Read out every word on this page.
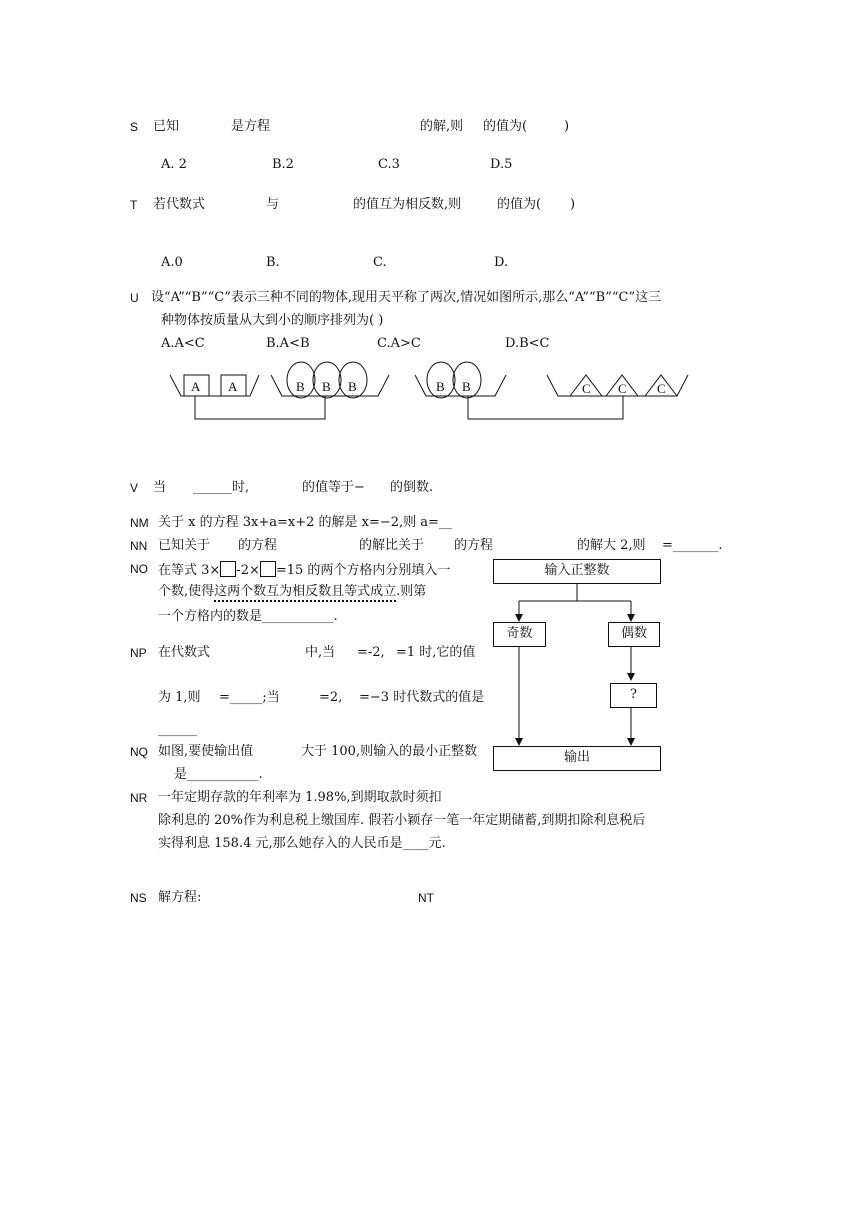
S 已知	是方程	的解,则 的值为(	)
A. 2	B.2	C.3	D.5
T 若代数式	与	的值互为相反数,则	的值为( )
A.0	B.	C.	D.
U 设“A”“B”“C”表示三种不同的物体,现用天平称了两次,情况如图所示,那么“A”“B”“C”这三
种物体按质量从大到小的顺序排列为( )
A.A<C	B.A<B	C.A>C	D.B<C
A A	B B B	B B	C C C
V 当 ______时,	的值等于− 的倒数.
NM 关于 x 的方程 3x+a=x+2 的解是 x=−2,则 a=__
NN 已知关于 的方程	的解比关于 的方程	的解大 2,则 =_______.
NO 在等式 3× -2× =15 的两个方格内分别填入一
个数,使得这两个数互为相反数且等式成立.则第
一个方格内的数是___________.
NP 在代数式	中,当 =-2, =1 时,它的值
为 1,则 =_____;当	=2, =−3 时代数式的值是
______
NQ 如图,要使输出值	大于 100,则输入的最小正整数
是___________.
输入正整数
奇数	偶数
?
输出
NR 一年定期存款的年利率为 1.98%,到期取款时须扣
除利息的 20%作为利息税上缴国库. 假若小颖存一笔一年定期储蓄,到期扣除利息税后
实得利息 158.4 元,那么她存入的人民币是____元.
NS 解方程:	NT
